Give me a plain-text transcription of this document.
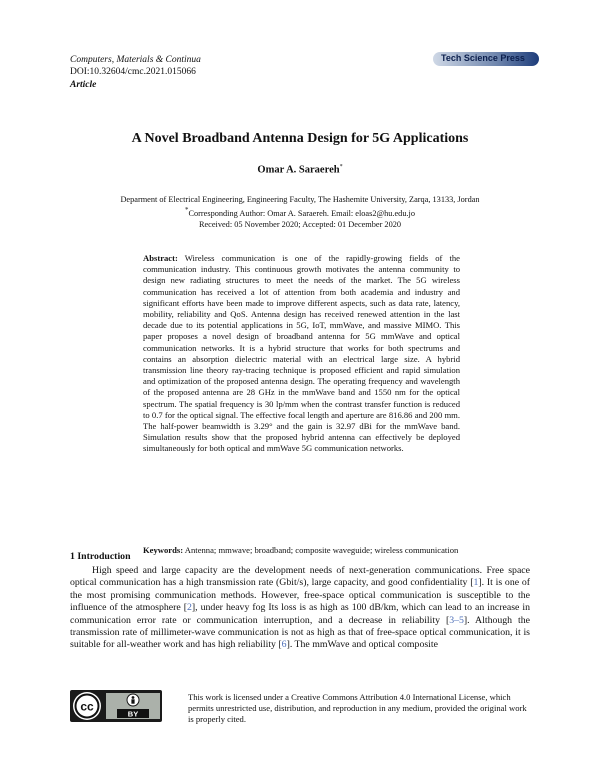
Computers, Materials & Continua
DOI:10.32604/cmc.2021.015066
Article
Tech Science Press
A Novel Broadband Antenna Design for 5G Applications
Omar A. Saraereh*
Deparment of Electrical Engineering, Engineering Faculty, The Hashemite University, Zarqa, 13133, Jordan
*Corresponding Author: Omar A. Saraereh. Email: eloas2@hu.edu.jo
Received: 05 November 2020; Accepted: 01 December 2020
Abstract: Wireless communication is one of the rapidly-growing fields of the communication industry. This continuous growth motivates the antenna community to design new radiating structures to meet the needs of the market. The 5G wireless communication has received a lot of attention from both academia and industry and significant efforts have been made to improve different aspects, such as data rate, latency, mobility, reliability and QoS. Antenna design has received renewed attention in the last decade due to its potential applications in 5G, IoT, mmWave, and massive MIMO. This paper proposes a novel design of broadband antenna for 5G mmWave and optical communication networks. It is a hybrid structure that works for both spectrums and contains an absorption dielectric material with an electrical large size. A hybrid transmission line theory ray-tracing technique is proposed efficient and rapid simulation and optimization of the proposed antenna design. The operating frequency and wavelength of the proposed antenna are 28 GHz in the mmWave band and 1550 nm for the optical spectrum. The spatial frequency is 30 lp/mm when the contrast transfer function is reduced to 0.7 for the optical signal. The effective focal length and aperture are 816.86 and 200 mm. The half-power beamwidth is 3.29° and the gain is 32.97 dBi for the mmWave band. Simulation results show that the proposed hybrid antenna can effectively be deployed simultaneously for both optical and mmWave 5G communication networks.
Keywords: Antenna; mmwave; broadband; composite waveguide; wireless communication
1 Introduction
High speed and large capacity are the development needs of next-generation communications. Free space optical communication has a high transmission rate (Gbit/s), large capacity, and good confidentiality [1]. It is one of the most promising communication methods. However, free-space optical communication is susceptible to the influence of the atmosphere [2], under heavy fog Its loss is as high as 100 dB/km, which can lead to an increase in communication error rate or communication interruption, and a decrease in reliability [3–5]. Although the transmission rate of millimeter-wave communication is not as high as that of free-space optical communication, it is suitable for all-weather work and has high reliability [6]. The mmWave and optical composite
cc
BY
This work is licensed under a Creative Commons Attribution 4.0 International License, which permits unrestricted use, distribution, and reproduction in any medium, provided the original work is properly cited.
